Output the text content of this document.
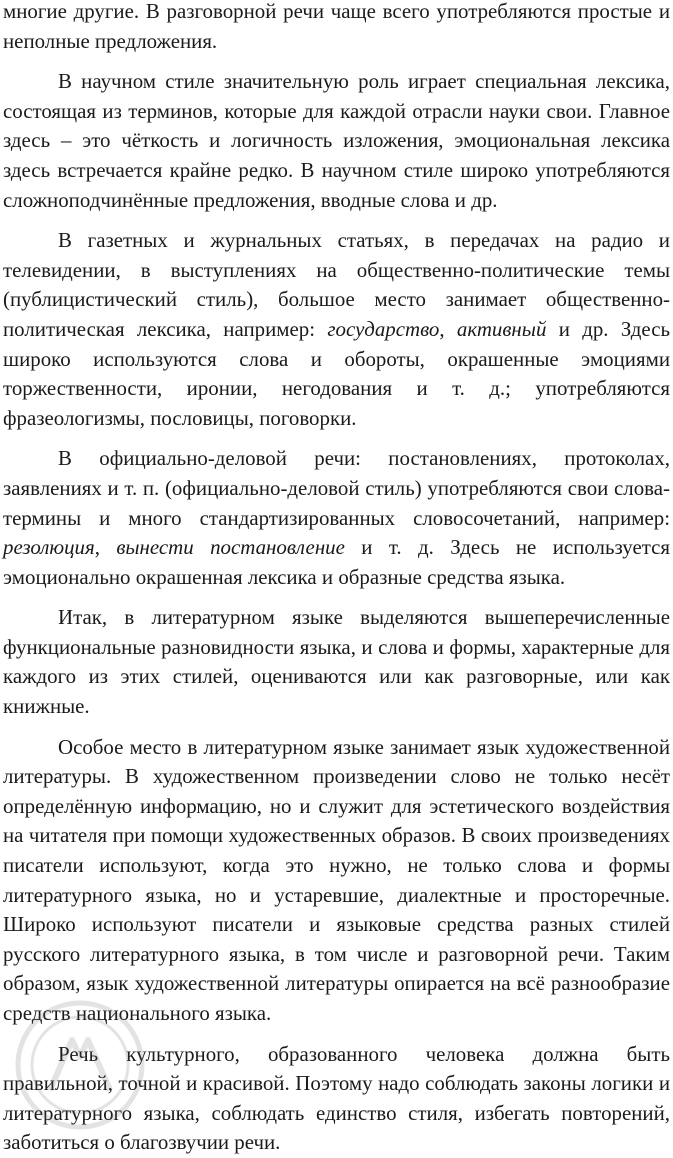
многие другие. В разговорной речи чаще всего употребляются простые и неполные предложения.

В научном стиле значительную роль играет специальная лексика, состоящая из терминов, которые для каждой отрасли науки свои. Главное здесь – это чёткость и логичность изложения, эмоциональная лексика здесь встречается крайне редко. В научном стиле широко употребляются сложноподчинённые предложения, вводные слова и др.

В газетных и журнальных статьях, в передачах на радио и телевидении, в выступлениях на общественно-политические темы (публицистический стиль), большое место занимает общественно-политическая лексика, например: государство, активный и др. Здесь широко используются слова и обороты, окрашенные эмоциями торжественности, иронии, негодования и т. д.; употребляются фразеологизмы, пословицы, поговорки.

В официально-деловой речи: постановлениях, протоколах, заявлениях и т. п. (официально-деловой стиль) употребляются свои слова-термины и много стандартизированных словосочетаний, например: резолюция, вынести постановление и т. д. Здесь не используется эмоционально окрашенная лексика и образные средства языка.

Итак, в литературном языке выделяются вышеперечисленные функциональные разновидности языка, и слова и формы, характерные для каждого из этих стилей, оцениваются или как разговорные, или как книжные.

Особое место в литературном языке занимает язык художественной литературы. В художественном произведении слово не только несёт определённую информацию, но и служит для эстетического воздействия на читателя при помощи художественных образов. В своих произведениях писатели используют, когда это нужно, не только слова и формы литературного языка, но и устаревшие, диалектные и просторечные. Широко используют писатели и языковые средства разных стилей русского литературного языка, в том числе и разговорной речи. Таким образом, язык художественной литературы опирается на всё разнообразие средств национального языка.

Речь культурного, образованного человека должна быть правильной, точной и красивой. Поэтому надо соблюдать законы логики и литературного языка, соблюдать единство стиля, избегать повторений, заботиться о благозвучии речи.
